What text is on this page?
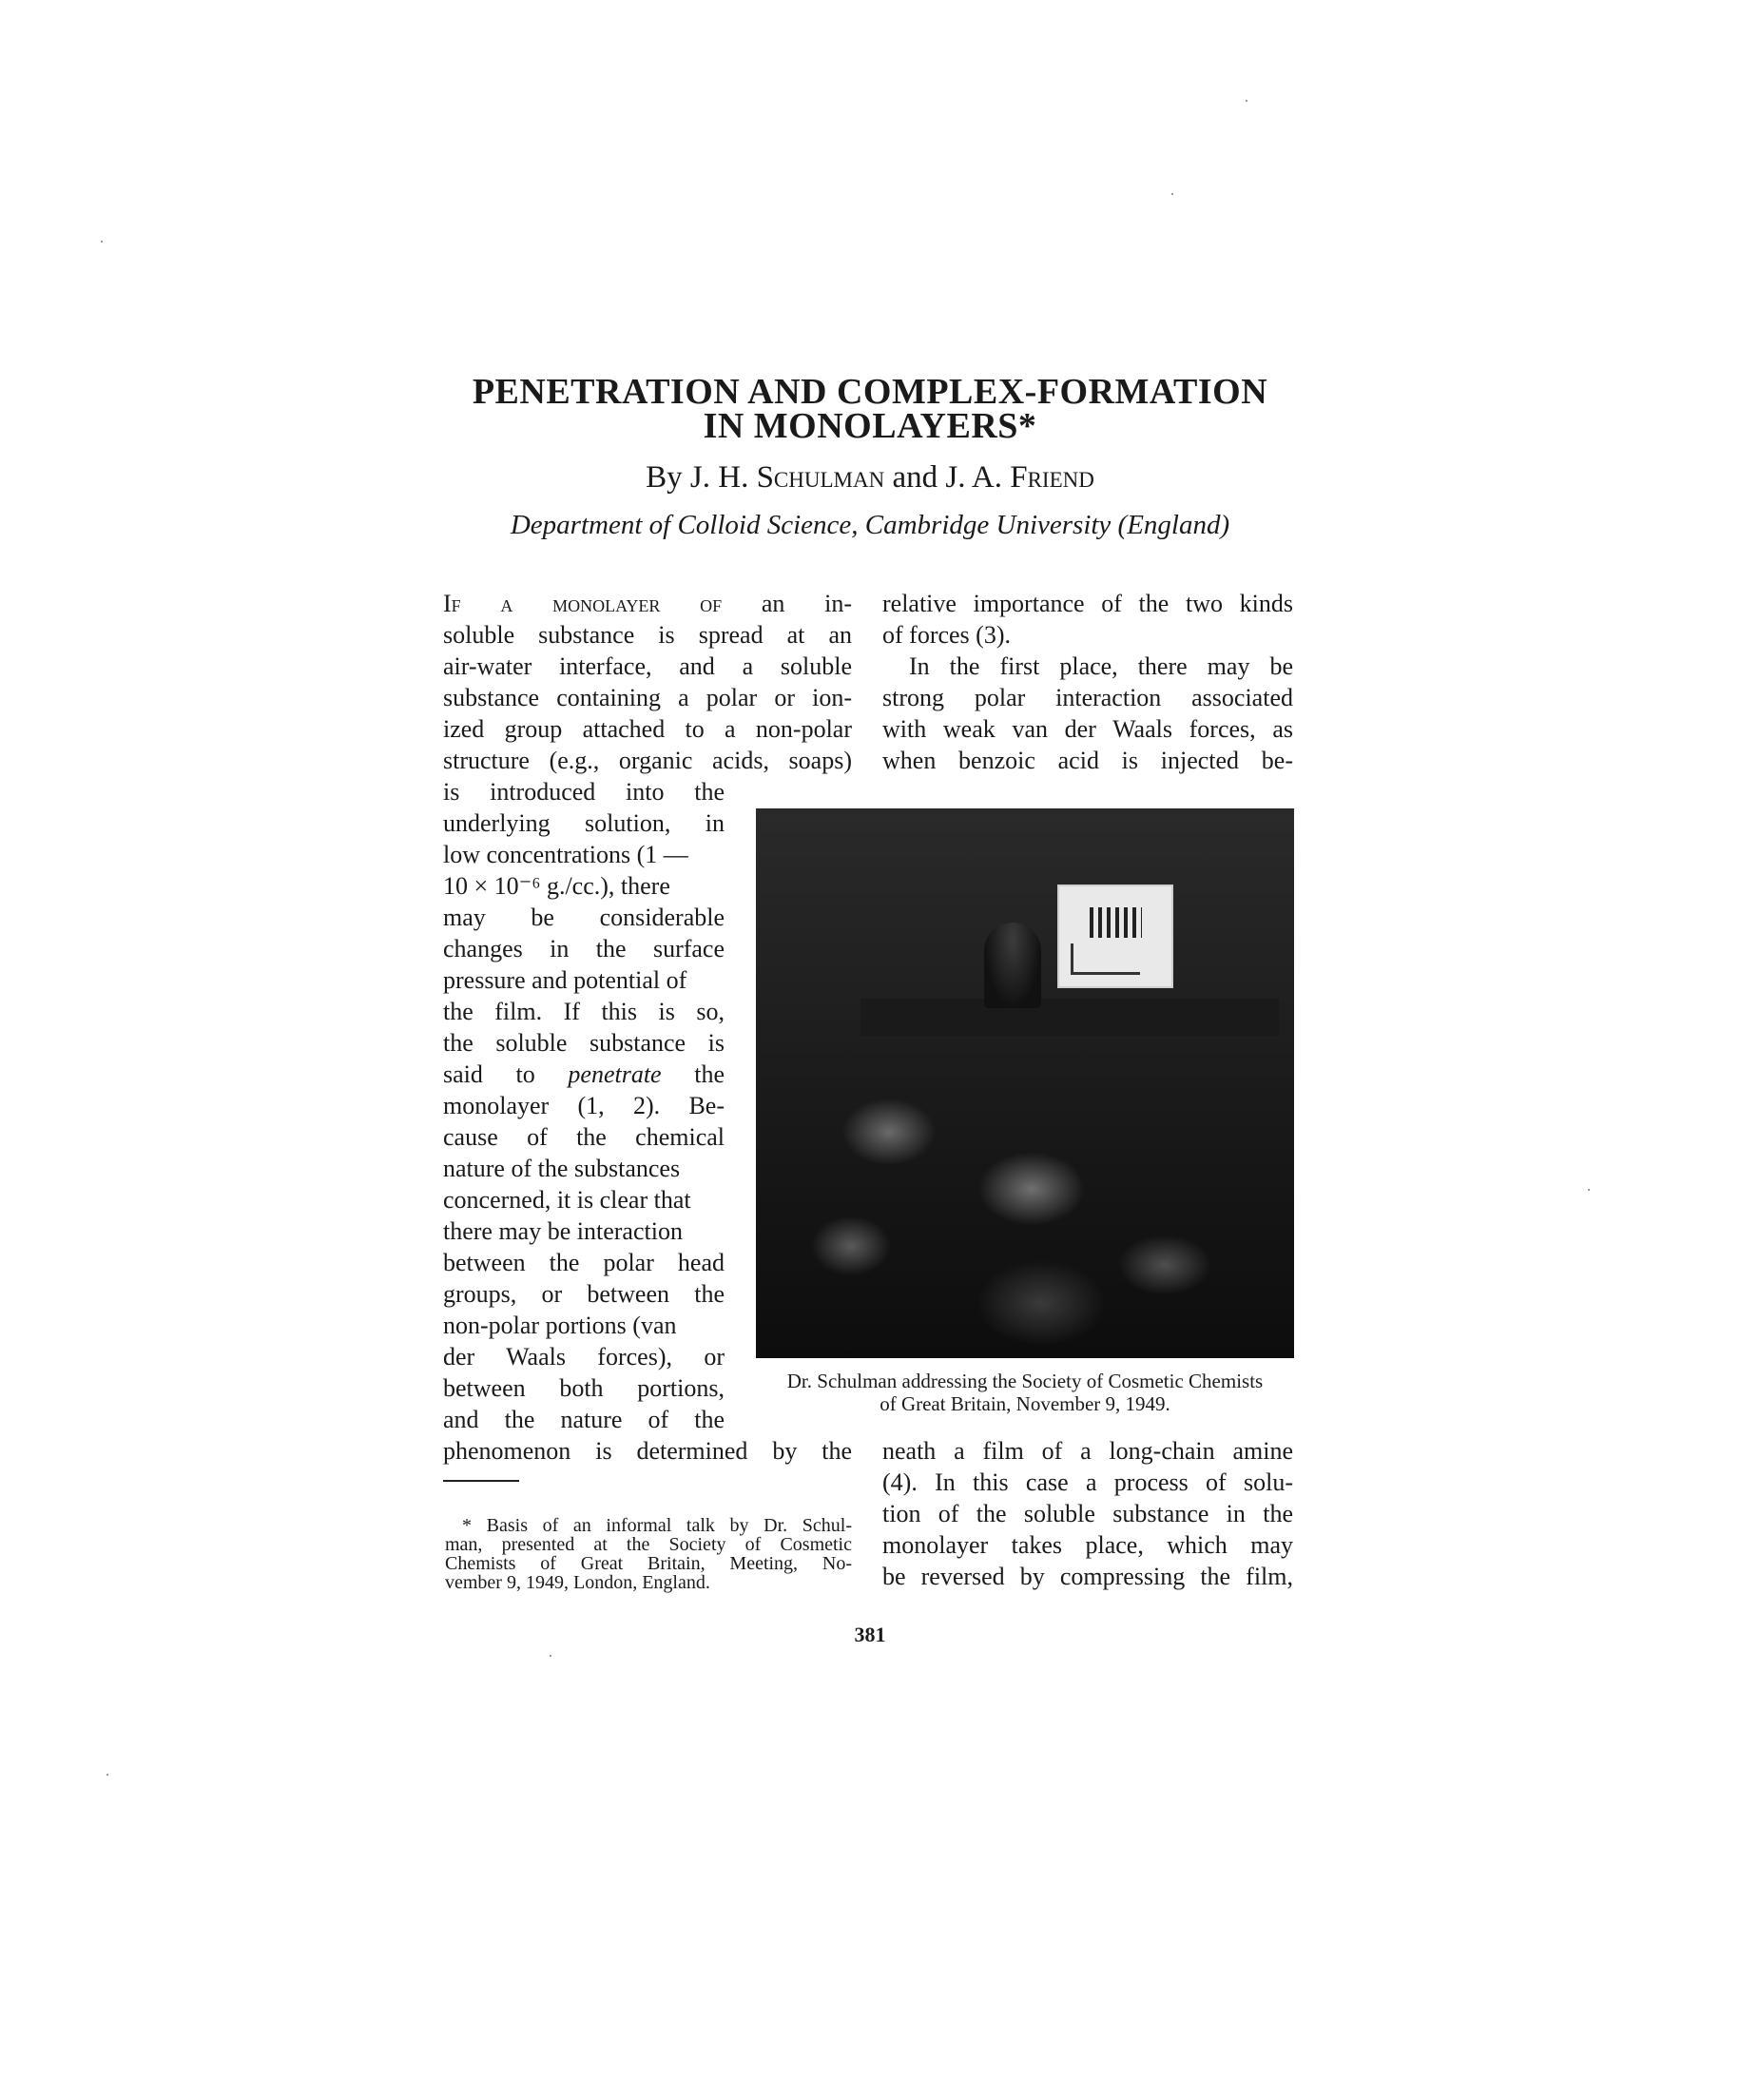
PENETRATION AND COMPLEX-FORMATION
IN MONOLAYERS*
By J. H. Schulman and J. A. Friend
Department of Colloid Science, Cambridge University (England)
If a monolayer of an in-
soluble substance is spread at an
air-water interface, and a soluble
substance containing a polar or ion-
ized group attached to a non-polar
structure (e.g., organic acids, soaps)
is introduced into the
underlying solution, in
low concentrations (1 —
10 × 10⁻⁶ g./cc.), there
may be considerable
changes in the surface
pressure and potential of
the film. If this is so,
the soluble substance is
said to penetrate the
monolayer (1, 2). Be-
cause of the chemical
nature of the substances
concerned, it is clear that
there may be interaction
between the polar head
groups, or between the
non-polar portions (van
der Waals forces), or
between both portions,
and the nature of the
phenomenon is determined by the
* Basis of an informal talk by Dr. Schul-
man, presented at the Society of Cosmetic
Chemists of Great Britain, Meeting, No-
vember 9, 1949, London, England.
relative importance of the two kinds
of forces (3).
In the first place, there may be
strong polar interaction associated
with weak van der Waals forces, as
when benzoic acid is injected be-
Dr. Schulman addressing the Society of Cosmetic Chemists
of Great Britain, November 9, 1949.
neath a film of a long-chain amine
(4). In this case a process of solu-
tion of the soluble substance in the
monolayer takes place, which may
be reversed by compressing the film,
381
